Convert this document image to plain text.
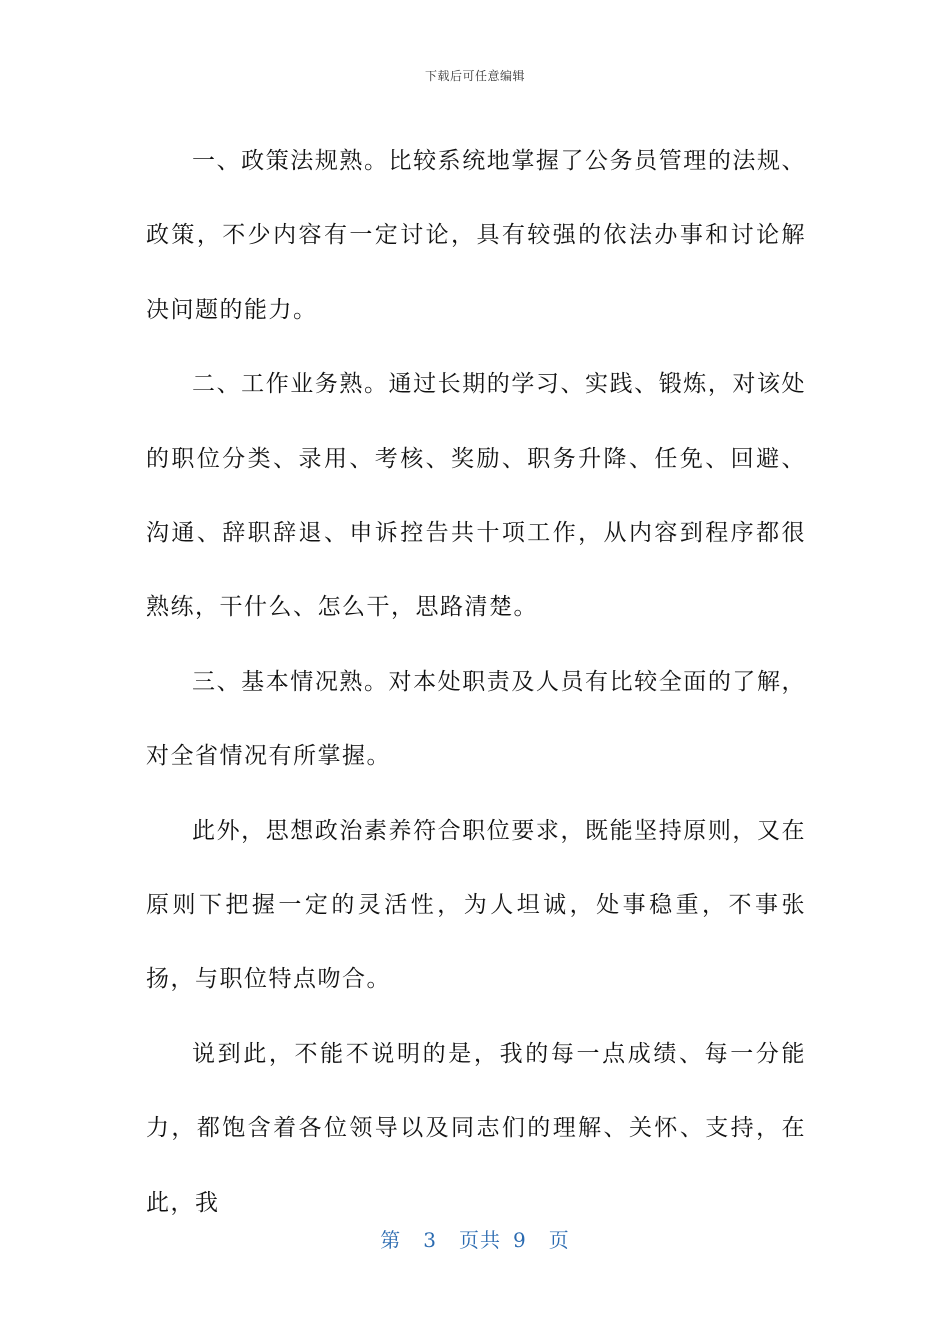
下载后可任意编辑

一、政策法规熟。比较系统地掌握了公务员管理的法规、政策，不少内容有一定讨论，具有较强的依法办事和讨论解决问题的能力。

二、工作业务熟。通过长期的学习、实践、锻炼，对该处的职位分类、录用、考核、奖励、职务升降、任免、回避、沟通、辞职辞退、申诉控告共十项工作，从内容到程序都很熟练，干什么、怎么干，思路清楚。

三、基本情况熟。对本处职责及人员有比较全面的了解，对全省情况有所掌握。

此外，思想政治素养符合职位要求，既能坚持原则，又在原则下把握一定的灵活性，为人坦诚，处事稳重，不事张扬，与职位特点吻合。

说到此，不能不说明的是，我的每一点成绩、每一分能力，都饱含着各位领导以及同志们的理解、关怀、支持，在此，我

第 3 页共 9 页
